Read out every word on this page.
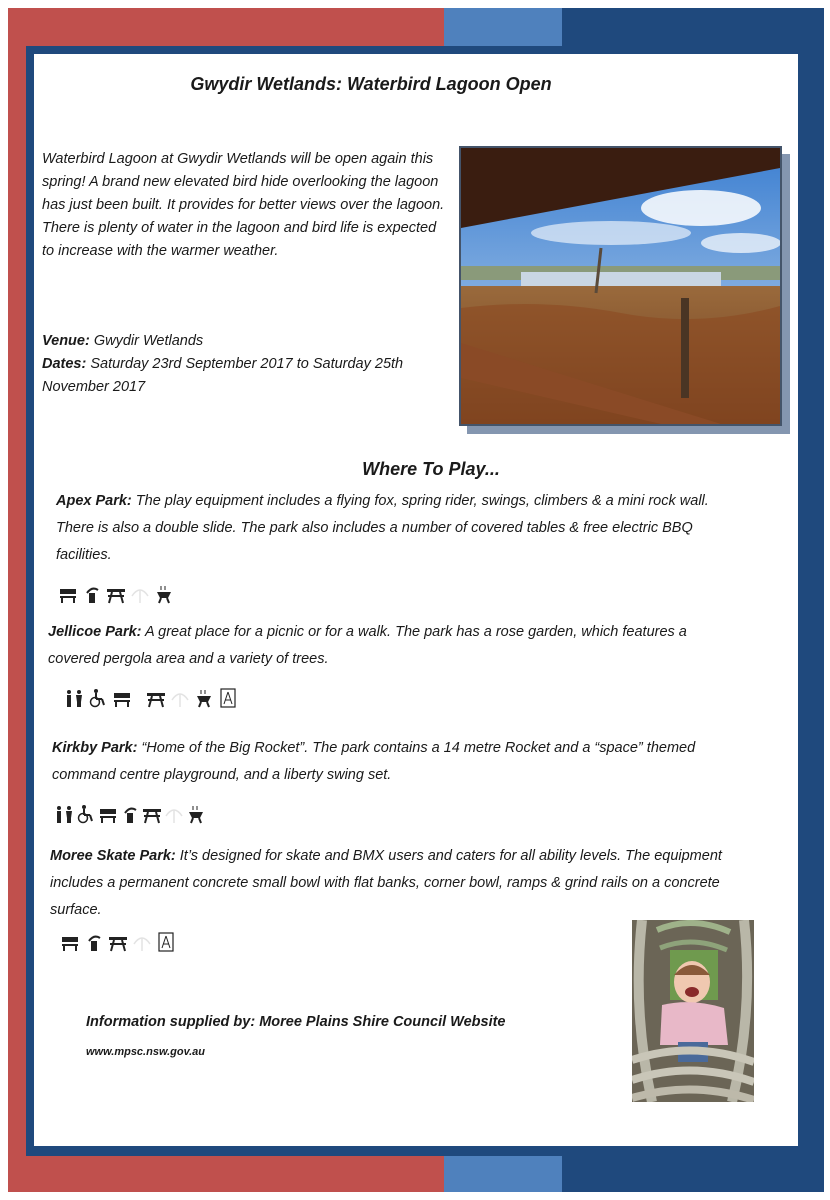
Gwydir Wetlands: Waterbird Lagoon Open
Waterbird Lagoon at Gwydir Wetlands will be open again this spring! A brand new elevated bird hide overlooking the lagoon has just been built. It provides for better views over the lagoon. There is plenty of water in the lagoon and bird life is expected to increase with the warmer weather.
Venue: Gwydir Wetlands
Dates: Saturday 23rd September 2017 to Saturday 25th November 2017
Where To Play...
Apex Park: The play equipment includes a flying fox, spring rider, swings, climbers & a mini rock wall. There is also a double slide. The park also includes a number of covered tables & free electric BBQ facilities.
Jellicoe Park: A great place for a picnic or for a walk. The park has a rose garden, which features a covered pergola area and a variety of trees.
Kirkby Park: “Home of the Big Rocket”. The park contains a 14 metre Rocket and a “space” themed command centre playground, and a liberty swing set.
Moree Skate Park: It’s designed for skate and BMX users and caters for all ability levels. The equipment includes a permanent concrete small bowl with flat banks, corner bowl, ramps & grind rails on a concrete surface.
Information supplied by: Moree Plains Shire Council Website
www.mpsc.nsw.gov.au
